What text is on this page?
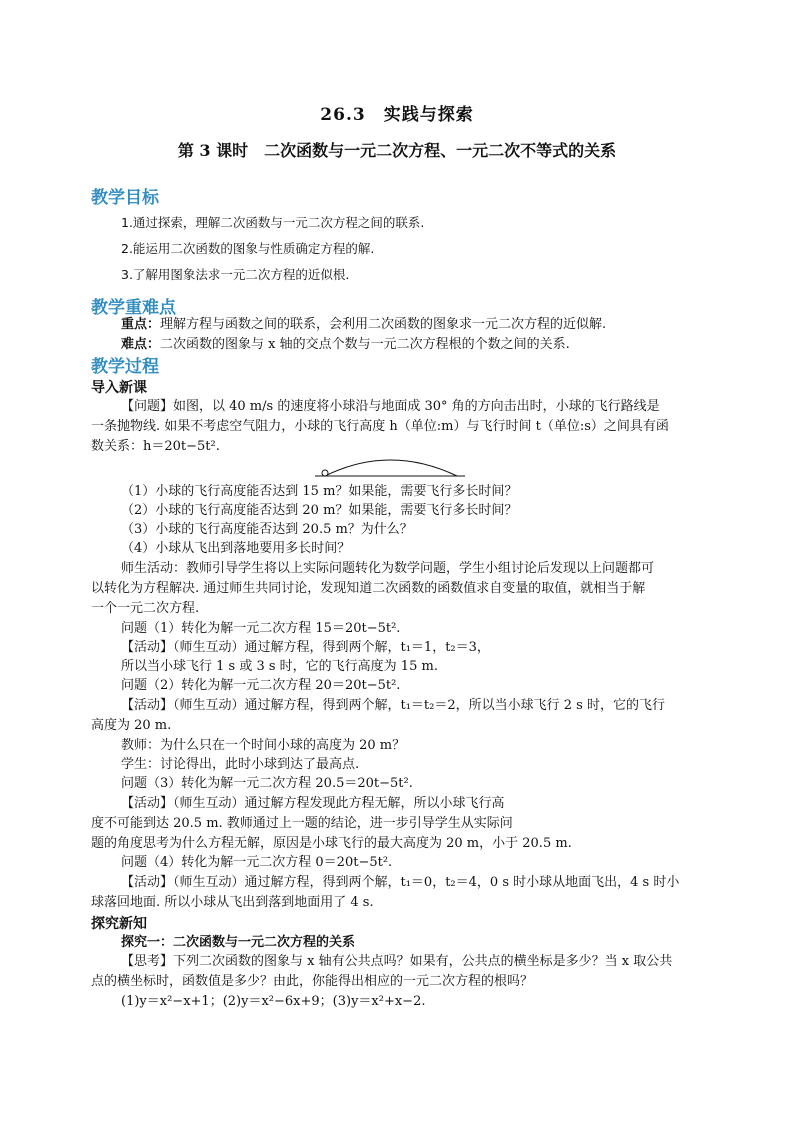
26.3　实践与探索
第 3 课时　二次函数与一元二次方程、一元二次不等式的关系
教学目标
1.通过探索，理解二次函数与一元二次方程之间的联系.
2.能运用二次函数的图象与性质确定方程的解.
3.了解用图象法求一元二次方程的近似根.
教学重难点
重点：理解方程与函数之间的联系，会利用二次函数的图象求一元二次方程的近似解.
难点：二次函数的图象与 x 轴的交点个数与一元二次方程根的个数之间的关系.
教学过程
导入新课
【问题】如图，以 40 m/s 的速度将小球沿与地面成 30° 角的方向击出时，小球的飞行路线是
一条抛物线. 如果不考虑空气阻力，小球的飞行高度 h（单位:m）与飞行时间 t（单位:s）之间具有函
数关系：h＝20t−5t².
（1）小球的飞行高度能否达到 15 m？如果能，需要飞行多长时间？
（2）小球的飞行高度能否达到 20 m？如果能，需要飞行多长时间？
（3）小球的飞行高度能否达到 20.5 m？为什么？
（4）小球从飞出到落地要用多长时间？
师生活动：教师引导学生将以上实际问题转化为数学问题，学生小组讨论后发现以上问题都可
以转化为方程解决. 通过师生共同讨论，发现知道二次函数的函数值求自变量的取值，就相当于解
一个一元二次方程.
问题（1）转化为解一元二次方程 15＝20t−5t².
【活动】（师生互动）通过解方程，得到两个解，t₁＝1，t₂＝3，
所以当小球飞行 1 s 或 3 s 时，它的飞行高度为 15 m.
问题（2）转化为解一元二次方程 20＝20t−5t².
【活动】（师生互动）通过解方程，得到两个解，t₁＝t₂＝2，所以当小球飞行 2 s 时，它的飞行
高度为 20 m.
教师：为什么只在一个时间小球的高度为 20 m？
学生：讨论得出，此时小球到达了最高点.
问题（3）转化为解一元二次方程 20.5＝20t−5t².
【活动】（师生互动）通过解方程发现此方程无解，所以小球飞行高
度不可能到达 20.5 m. 教师通过上一题的结论，进一步引导学生从实际问
题的角度思考为什么方程无解，原因是小球飞行的最大高度为 20 m，小于 20.5 m.
问题（4）转化为解一元二次方程 0＝20t−5t².
【活动】（师生互动）通过解方程，得到两个解，t₁＝0，t₂＝4，0 s 时小球从地面飞出，4 s 时小
球落回地面. 所以小球从飞出到落到地面用了 4 s.
探究新知
探究一：二次函数与一元二次方程的关系
【思考】下列二次函数的图象与 x 轴有公共点吗？如果有，公共点的横坐标是多少？当 x 取公共
点的横坐标时，函数值是多少？由此，你能得出相应的一元二次方程的根吗？
(1)y＝x²−x+1；(2)y＝x²−6x+9；(3)y＝x²+x−2.
